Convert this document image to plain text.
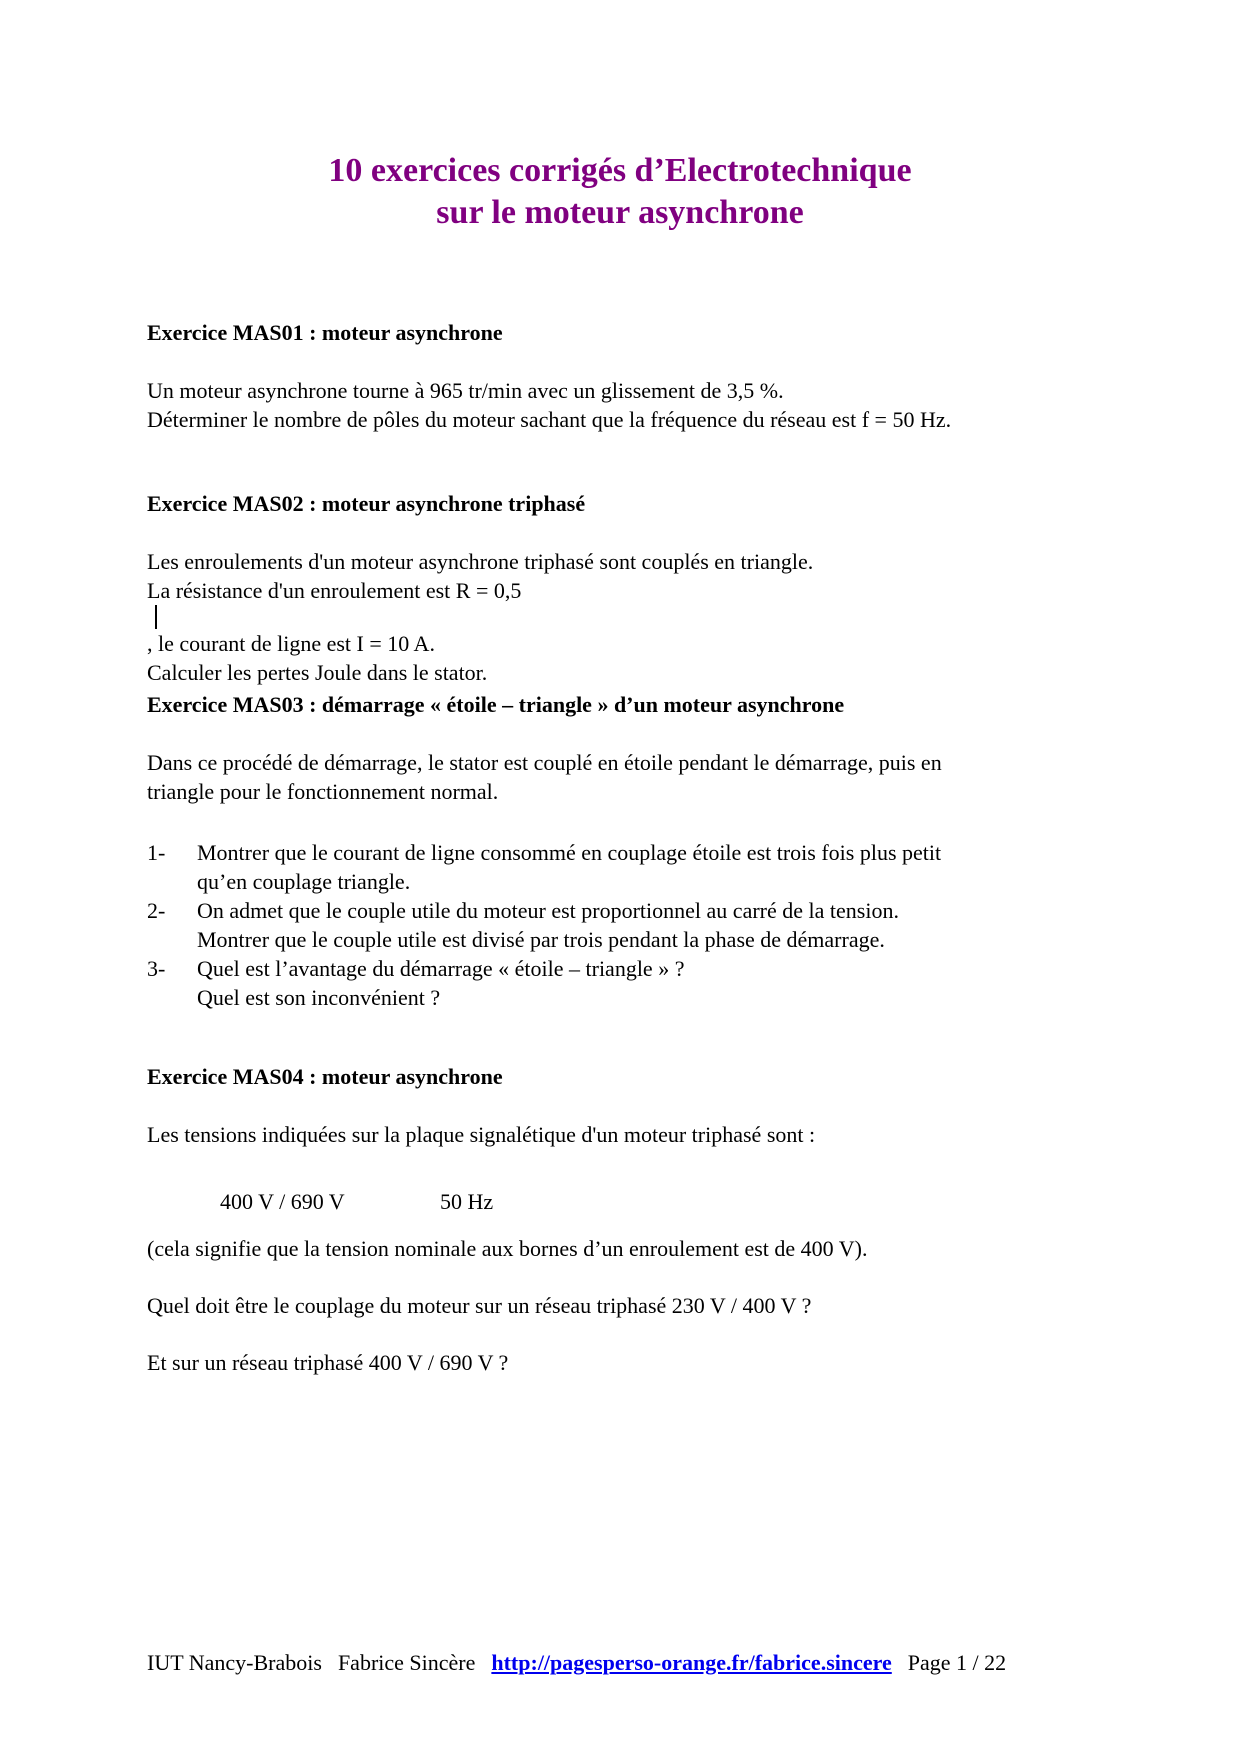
10 exercices corrigés d’Electrotechnique
sur le moteur asynchrone
Exercice MAS01 : moteur asynchrone
Un moteur asynchrone tourne à 965 tr/min avec un glissement de 3,5 %.
Déterminer le nombre de pôles du moteur sachant que la fréquence du réseau est f = 50 Hz.
Exercice MAS02 : moteur asynchrone triphasé
Les enroulements d'un moteur asynchrone triphasé sont couplés en triangle.
La résistance d'un enroulement est R = 0,5
, le courant de ligne est I = 10 A.
Calculer les pertes Joule dans le stator.
Exercice MAS03 : démarrage « étoile – triangle » d’un moteur asynchrone
Dans ce procédé de démarrage, le stator est couplé en étoile pendant le démarrage, puis en
triangle pour le fonctionnement normal.
1- Montrer que le courant de ligne consommé en couplage étoile est trois fois plus petit
qu’en couplage triangle.
2- On admet que le couple utile du moteur est proportionnel au carré de la tension.
Montrer que le couple utile est divisé par trois pendant la phase de démarrage.
3- Quel est l’avantage du démarrage « étoile – triangle » ?
Quel est son inconvénient ?
Exercice MAS04 : moteur asynchrone

Les tensions indiquées sur la plaque signalétique d'un moteur triphasé sont :

400 V / 690 V	50 Hz

(cela signifie que la tension nominale aux bornes d’un enroulement est de 400 V).

Quel doit être le couplage du moteur sur un réseau triphasé 230 V / 400 V ?

Et sur un réseau triphasé 400 V / 690 V ?

IUT Nancy-Brabois Fabrice Sincère http://pagesperso-orange.fr/fabrice.sincere Page 1 / 22
